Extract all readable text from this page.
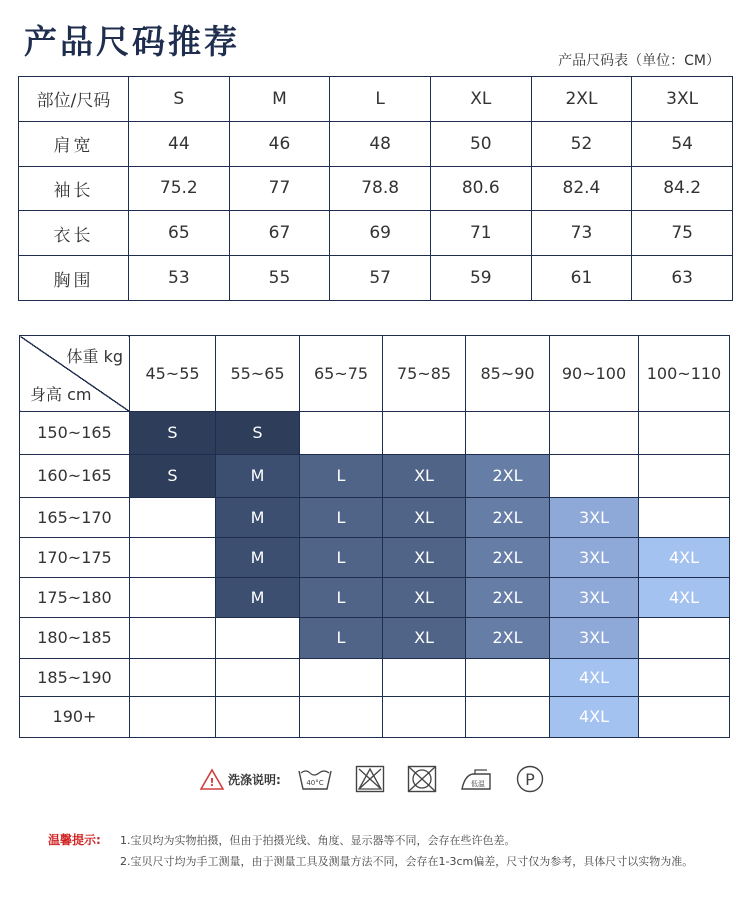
产品尺码推荐	产品尺码表（单位：CM）
部位/尺码	S	M	L	XL	2XL	3XL
肩宽	44	46	48	50	52	54
袖长	75.2	77	78.8	80.6	82.4	84.2
衣长	65	67	69	71	73	75
胸围	53	55	57	59	61	63
体重 kg
身高 cm	45~55	55~65	65~75	75~85	85~90	90~100	100~110
150~165	S	S					
160~165	S	M	L	XL	2XL		
165~170		M	L	XL	2XL	3XL	
170~175		M	L	XL	2XL	3XL	4XL
175~180		M	L	XL	2XL	3XL	4XL
180~185			L	XL	2XL	3XL	
185~190						4XL	
190+						4XL	
! 洗涤说明:	40°C	低温	P
温馨提示: 1.宝贝均为实物拍摄，但由于拍摄光线、角度、显示器等不同，会存在些许色差。
2.宝贝尺寸均为手工测量，由于测量工具及测量方法不同，会存在1-3cm偏差，尺寸仅为参考，具体尺寸以实物为准。
